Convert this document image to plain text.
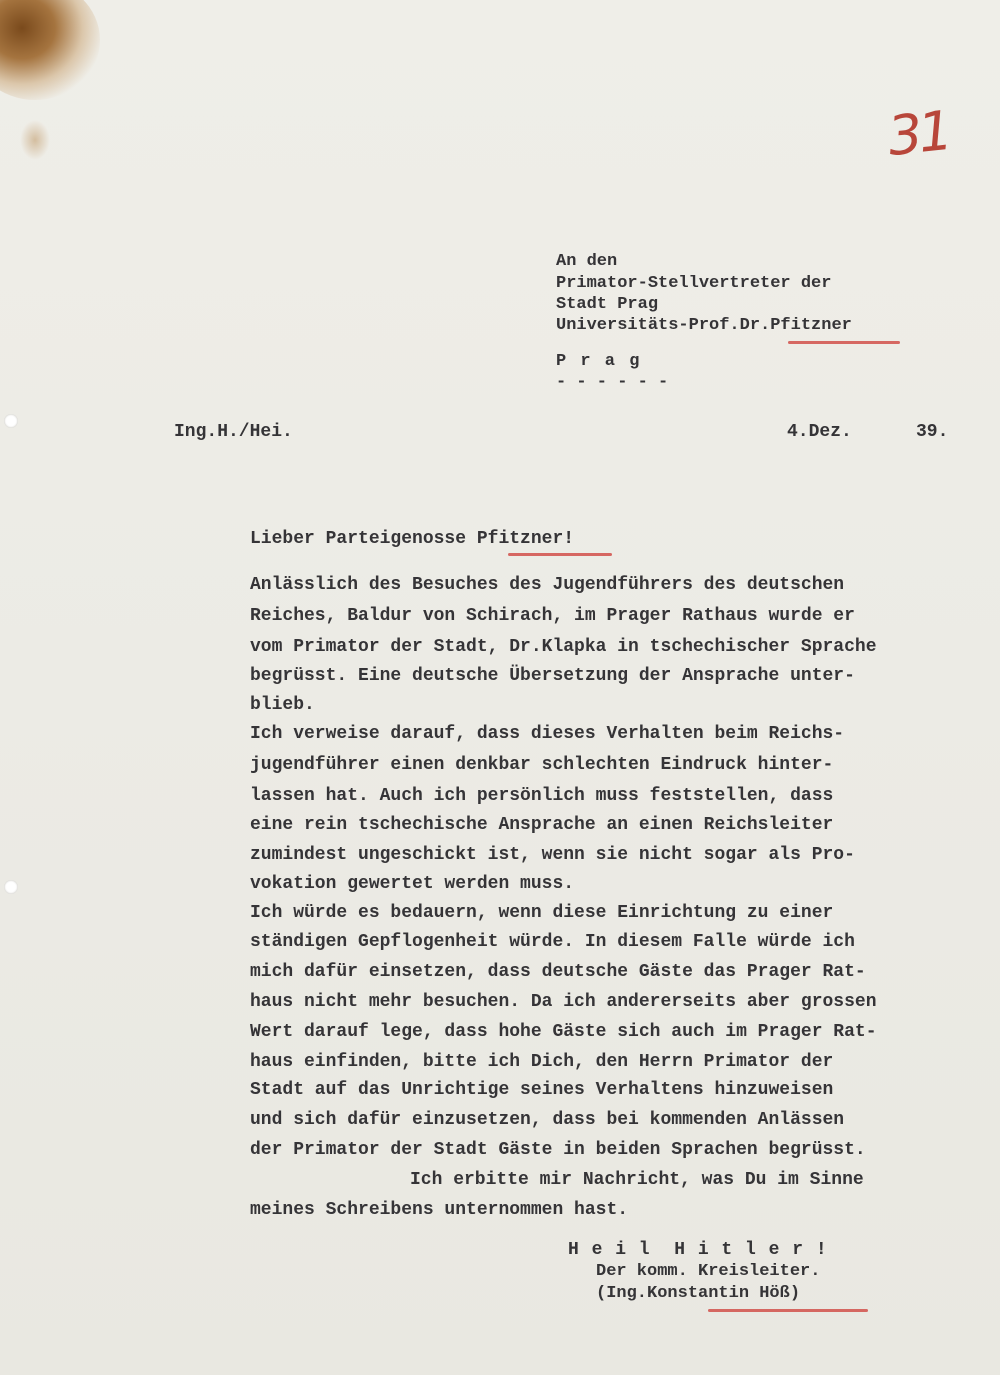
31
An den
Primator-Stellvertreter der
Stadt Prag
Universitäts-Prof.Dr.Pfitzner
P r a g
- - - - - -
Ing.H./Hei.	4.Dez.	39.
Lieber Parteigenosse Pfitzner!
Anlässlich des Besuches des Jugendführers des deutschen
Reiches, Baldur von Schirach, im Prager Rathaus wurde er
vom Primator der Stadt, Dr.Klapka in tschechischer Sprache
begrüsst. Eine deutsche Übersetzung der Ansprache unter-
blieb.
Ich verweise darauf, dass dieses Verhalten beim Reichs-
jugendführer einen denkbar schlechten Eindruck hinter-
lassen hat. Auch ich persönlich muss feststellen, dass
eine rein tschechische Ansprache an einen Reichsleiter
zumindest ungeschickt ist, wenn sie nicht sogar als Pro-
vokation gewertet werden muss.
Ich würde es bedauern, wenn diese Einrichtung zu einer
ständigen Gepflogenheit würde. In diesem Falle würde ich
mich dafür einsetzen, dass deutsche Gäste das Prager Rat-
haus nicht mehr besuchen. Da ich andererseits aber grossen
Wert darauf lege, dass hohe Gäste sich auch im Prager Rat-
haus einfinden, bitte ich Dich, den Herrn Primator der
Stadt auf das Unrichtige seines Verhaltens hinzuweisen
und sich dafür einzusetzen, dass bei kommenden Anlässen
der Primator der Stadt Gäste in beiden Sprachen begrüsst.
Ich erbitte mir Nachricht, was Du im Sinne
meines Schreibens unternommen hast.
H e i l  H i t l e r !
Der komm. Kreisleiter.
(Ing.Konstantin Höß)
